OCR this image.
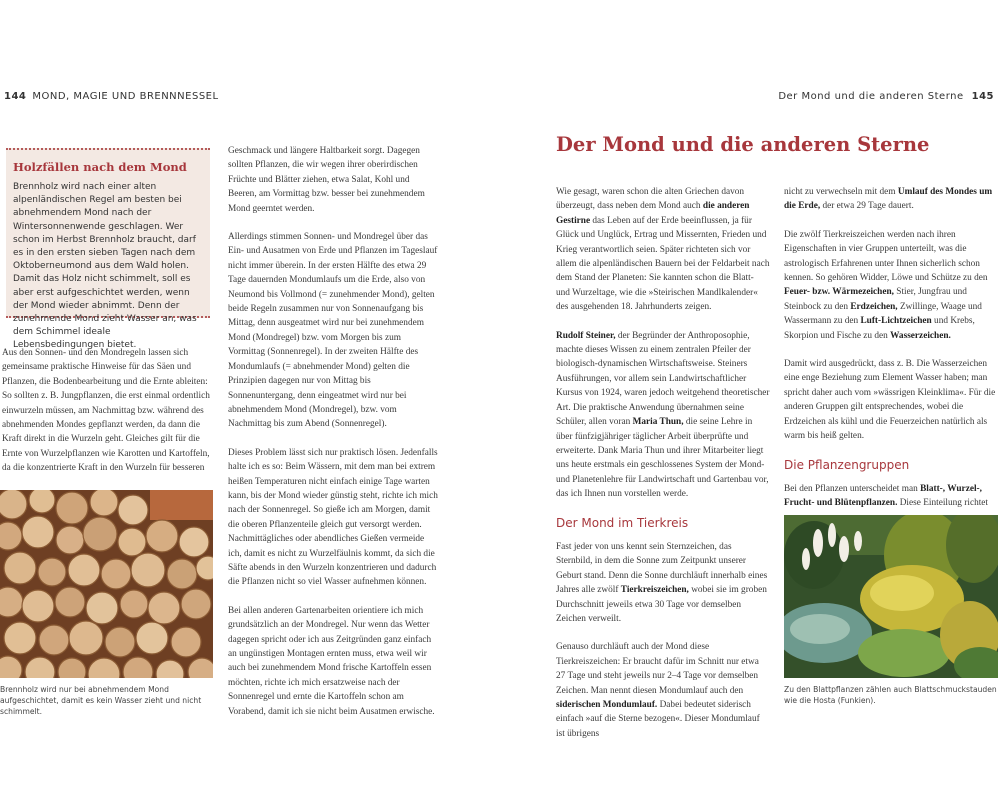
144 MOND, MAGIE UND BRENNNESSEL	Der Mond und die anderen Sterne 145
Holzfällen nach dem Mond

Brennholz wird nach einer alten alpenländischen Regel am besten bei abnehmendem Mond nach der Wintersonnenwende geschlagen. Wer schon im Herbst Brennholz braucht, darf es in den ersten sieben Tagen nach dem Oktoberneumond aus dem Wald holen. Damit das Holz nicht schimmelt, soll es aber erst aufgeschichtet werden, wenn der Mond wieder abnimmt. Denn der zunehmende Mond zieht Wasser an, was dem Schimmel ideale Lebensbedingungen bietet.

Aus den Sonnen- und den Mondregeln lassen sich gemeinsame praktische Hinweise für das Säen und Pflanzen, die Bodenbearbeitung und die Ernte ableiten: So sollten z. B. Jungpflanzen, die erst einmal ordentlich einwurzeln müssen, am Nachmittag bzw. während des abnehmenden Mondes gepflanzt werden, da dann die Kraft direkt in die Wurzeln geht. Gleiches gilt für die Ernte von Wurzelpflanzen wie Karotten und Kartoffeln, da die konzentrierte Kraft in den Wurzeln für besseren

Brennholz wird nur bei abnehmendem Mond aufgeschichtet, damit es kein Wasser zieht und nicht schimmelt.

Geschmack und längere Haltbarkeit sorgt. Dagegen sollten Pflanzen, die wir wegen ihrer oberirdischen Früchte und Blätter ziehen, etwa Salat, Kohl und Beeren, am Vormittag bzw. besser bei zunehmendem Mond geerntet werden.

Allerdings stimmen Sonnen- und Mondregel über das Ein- und Ausatmen von Erde und Pflanzen im Tageslauf nicht immer überein. In der ersten Hälfte des etwa 29 Tage dauernden Mondumlaufs um die Erde, also von Neumond bis Vollmond (= zunehmender Mond), gelten beide Regeln zusammen nur von Sonnenaufgang bis Mittag, denn ausgeatmet wird nur bei zunehmendem Mond (Mondregel) bzw. vom Morgen bis zum Vormittag (Sonnenregel). In der zweiten Hälfte des Mondumlaufs (= abnehmender Mond) gelten die Prinzipien dagegen nur von Mittag bis Sonnenuntergang, denn eingeatmet wird nur bei abnehmendem Mond (Mondregel), bzw. vom Nachmittag bis zum Abend (Sonnenregel).

Dieses Problem lässt sich nur praktisch lösen. Jedenfalls halte ich es so: Beim Wässern, mit dem man bei extrem heißen Temperaturen nicht einfach einige Tage warten kann, bis der Mond wieder günstig steht, richte ich mich nach der Sonnenregel. So gieße ich am Morgen, damit die oberen Pflanzenteile gleich gut versorgt werden. Nachmittägliches oder abendliches Gießen vermeide ich, damit es nicht zu Wurzelfäulnis kommt, da sich die Säfte abends in den Wurzeln konzentrieren und dadurch die Pflanzen nicht so viel Wasser aufnehmen können.

Bei allen anderen Gartenarbeiten orientiere ich mich grundsätzlich an der Mondregel. Nur wenn das Wetter dagegen spricht oder ich aus Zeitgründen ganz einfach an ungünstigen Montagen ernten muss, etwa weil wir auch bei zunehmendem Mond frische Kartoffeln essen möchten, richte ich mich ersatzweise nach der Sonnenregel und ernte die Kartoffeln schon am Vorabend, damit ich sie nicht beim Ausatmen erwische.

Der Mond und die anderen Sterne

Wie gesagt, waren schon die alten Griechen davon überzeugt, dass neben dem Mond auch die anderen Gestirne das Leben auf der Erde beeinflussen, ja für Glück und Unglück, Ertrag und Missernten, Frieden und Krieg verantwortlich seien. Später richteten sich vor allem die alpenländischen Bauern bei der Feldarbeit nach dem Stand der Planeten: Sie kannten schon die Blatt- und Wurzeltage, wie die »Steirischen Mandlkalender« des ausgehenden 18. Jahrhunderts zeigen.

Rudolf Steiner, der Begründer der Anthroposophie, machte dieses Wissen zu einem zentralen Pfeiler der biologisch-dynamischen Wirtschaftsweise. Steiners Ausführungen, vor allem sein Landwirtschaftlicher Kursus von 1924, waren jedoch weitgehend theoretischer Art. Die praktische Anwendung übernahmen seine Schüler, allen voran Maria Thun, die seine Lehre in über fünfzigjähriger täglicher Arbeit überprüfte und erweiterte. Dank Maria Thun und ihrer Mitarbeiter liegt uns heute erstmals ein geschlossenes System der Mond- und Planetenlehre für Landwirtschaft und Gartenbau vor, das ich Ihnen nun vorstellen werde.

Der Mond im Tierkreis

Fast jeder von uns kennt sein Sternzeichen, das Sternbild, in dem die Sonne zum Zeitpunkt unserer Geburt stand. Denn die Sonne durchläuft innerhalb eines Jahres alle zwölf Tierkreiszeichen, wobei sie im groben Durchschnitt jeweils etwa 30 Tage vor demselben Zeichen verweilt.

Genauso durchläuft auch der Mond diese Tierkreiszeichen: Er braucht dafür im Schnitt nur etwa 27 Tage und steht jeweils nur 2–4 Tage vor demselben Zeichen. Man nennt diesen Mondumlauf auch den siderischen Mondumlauf. Dabei bedeutet siderisch einfach »auf die Sterne bezogen«. Dieser Mondumlauf ist übrigens

nicht zu verwechseln mit dem Umlauf des Mondes um die Erde, der etwa 29 Tage dauert.

Die zwölf Tierkreiszeichen werden nach ihren Eigenschaften in vier Gruppen unterteilt, was die astrologisch Erfahrenen unter Ihnen sicherlich schon kennen. So gehören Widder, Löwe und Schütze zu den Feuer- bzw. Wärmezeichen, Stier, Jungfrau und Steinbock zu den Erdzeichen, Zwillinge, Waage und Wassermann zu den Luft-Lichtzeichen und Krebs, Skorpion und Fische zu den Wasserzeichen.

Damit wird ausgedrückt, dass z. B. Die Wasserzeichen eine enge Beziehung zum Element Wasser haben; man spricht daher auch vom »wässrigen Kleinklima«. Für die anderen Gruppen gilt entsprechendes, wobei die Erdzeichen als kühl und die Feuerzeichen natürlich als warm bis heiß gelten.

Die Pflanzengruppen

Bei den Pflanzen unterscheidet man Blatt-, Wurzel-, Frucht- und Blütenpflanzen. Diese Einteilung richtet

Zu den Blattpflanzen zählen auch Blattschmuckstauden wie die Hosta (Funkien).
